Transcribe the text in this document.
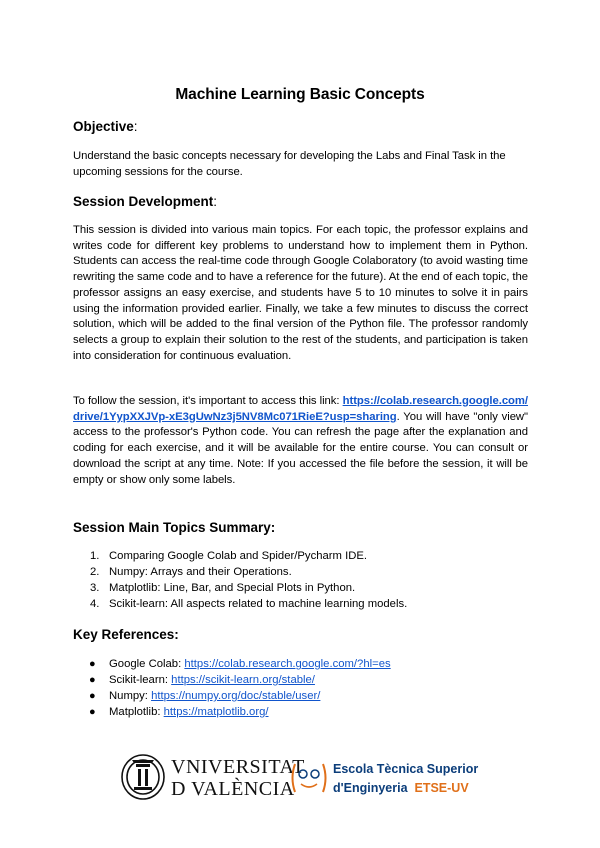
Machine Learning Basic Concepts
Objective:
Understand the basic concepts necessary for developing the Labs and Final Task in the upcoming sessions for the course.
Session Development:
This session is divided into various main topics. For each topic, the professor explains and writes code for different key problems to understand how to implement them in Python. Students can access the real-time code through Google Colaboratory (to avoid wasting time rewriting the same code and to have a reference for the future). At the end of each topic, the professor assigns an easy exercise, and students have 5 to 10 minutes to solve it in pairs using the information provided earlier. Finally, we take a few minutes to discuss the correct solution, which will be added to the final version of the Python file. The professor randomly selects a group to explain their solution to the rest of the students, and participation is taken into consideration for continuous evaluation.
To follow the session, it's important to access this link: https://colab.research.google.com/drive/1YypXXJVp-xE3gUwNz3j5NV8Mc071RieE?usp=sharing. You will have "only view" access to the professor's Python code. You can refresh the page after the explanation and coding for each exercise, and it will be available for the entire course. You can consult or download the script at any time. Note: If you accessed the file before the session, it will be empty or show only some labels.
Session Main Topics Summary:
1. Comparing Google Colab and Spider/Pycharm IDE.
2. Numpy: Arrays and their Operations.
3. Matplotlib: Line, Bar, and Special Plots in Python.
4. Scikit-learn: All aspects related to machine learning models.
Key References:
● Google Colab: https://colab.research.google.com/?hl=es
● Scikit-learn: https://scikit-learn.org/stable/
● Numpy: https://numpy.org/doc/stable/user/
● Matplotlib: https://matplotlib.org/
VNIVERSITAT
D VALÈNCIA
Escola Tècnica Superior
d'Enginyeria ETSE-UV
